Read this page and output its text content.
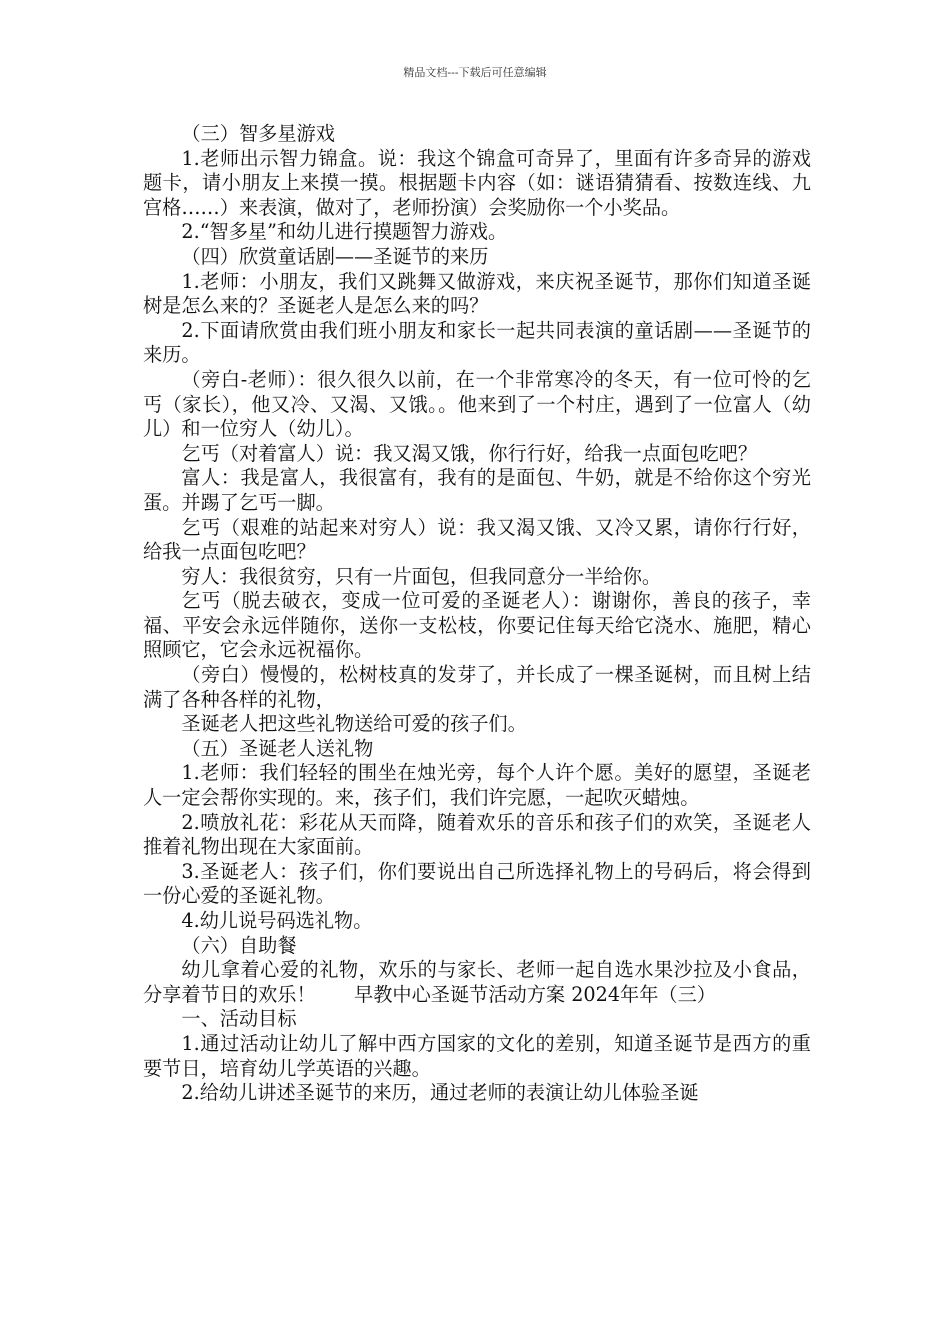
精品文档---下载后可任意编辑

（三）智多星游戏

1.老师出示智力锦盒。说：我这个锦盒可奇异了，里面有许多奇异的游戏题卡，请小朋友上来摸一摸。根据题卡内容（如：谜语猜猜看、按数连线、九宫格……）来表演，做对了，老师扮演）会奖励你一个小奖品。

2.“智多星”和幼儿进行摸题智力游戏。

（四）欣赏童话剧——圣诞节的来历

1.老师：小朋友，我们又跳舞又做游戏，来庆祝圣诞节，那你们知道圣诞树是怎么来的？圣诞老人是怎么来的吗？

2.下面请欣赏由我们班小朋友和家长一起共同表演的童话剧——圣诞节的来历。

（旁白-老师）：很久很久以前，在一个非常寒冷的冬天，有一位可怜的乞丐（家长），他又冷、又渴、又饿。。他来到了一个村庄，遇到了一位富人（幼儿）和一位穷人（幼儿）。

乞丐（对着富人）说：我又渴又饿，你行行好，给我一点面包吃吧？

富人：我是富人，我很富有，我有的是面包、牛奶，就是不给你这个穷光蛋。并踢了乞丐一脚。

乞丐（艰难的站起来对穷人）说：我又渴又饿、又冷又累，请你行行好，给我一点面包吃吧？

穷人：我很贫穷，只有一片面包，但我同意分一半给你。

乞丐（脱去破衣，变成一位可爱的圣诞老人）：谢谢你，善良的孩子，幸福、平安会永远伴随你，送你一支松枝，你要记住每天给它浇水、施肥，精心照顾它，它会永远祝福你。

（旁白）慢慢的，松树枝真的发芽了，并长成了一棵圣诞树，而且树上结满了各种各样的礼物，

圣诞老人把这些礼物送给可爱的孩子们。

（五）圣诞老人送礼物

1.老师：我们轻轻的围坐在烛光旁，每个人许个愿。美好的愿望，圣诞老人一定会帮你实现的。来，孩子们，我们许完愿，一起吹灭蜡烛。

2.喷放礼花：彩花从天而降，随着欢乐的音乐和孩子们的欢笑，圣诞老人推着礼物出现在大家面前。

3.圣诞老人：孩子们，你们要说出自己所选择礼物上的号码后，将会得到一份心爱的圣诞礼物。

4.幼儿说号码选礼物。

（六）自助餐

幼儿拿着心爱的礼物，欢乐的与家长、老师一起自选水果沙拉及小食品，分享着节日的欢乐！　　早教中心圣诞节活动方案 2024年年（三）

一、活动目标

1.通过活动让幼儿了解中西方国家的文化的差别，知道圣诞节是西方的重要节日，培育幼儿学英语的兴趣。

2.给幼儿讲述圣诞节的来历，通过老师的表演让幼儿体验圣诞
